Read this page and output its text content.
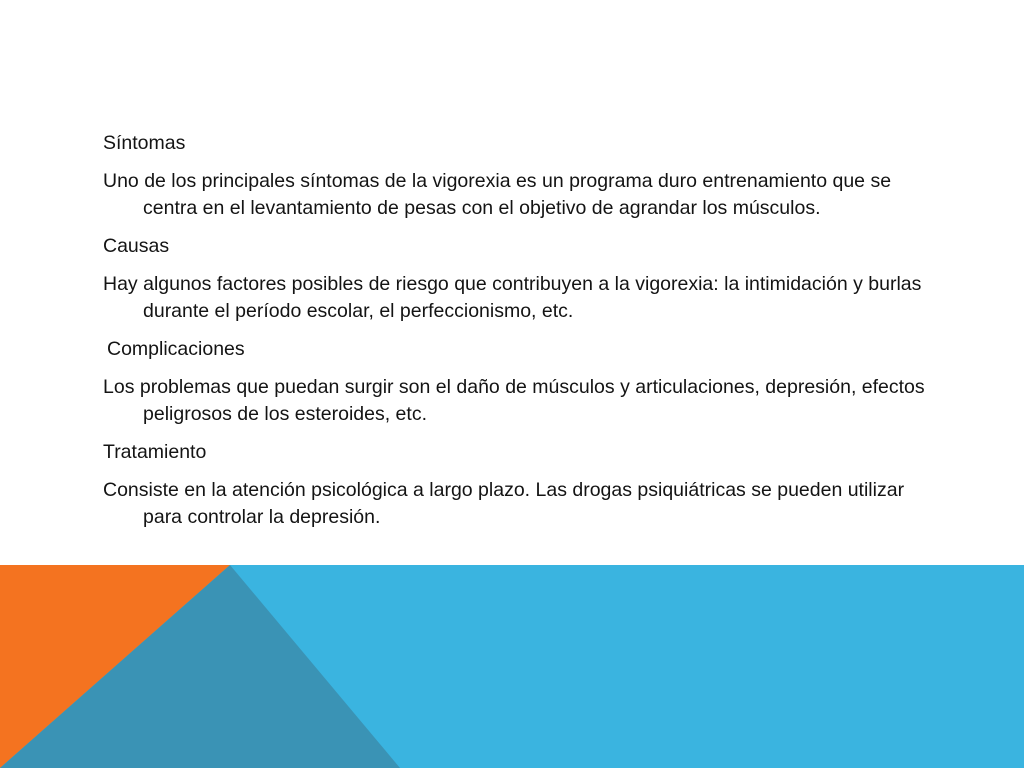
Síntomas

Uno de los principales síntomas de la vigorexia es un programa duro entrenamiento que se centra en el levantamiento de pesas con el objetivo de agrandar los músculos.

Causas

Hay algunos factores posibles de riesgo que contribuyen a la vigorexia: la intimidación y burlas durante el período escolar, el perfeccionismo, etc.

Complicaciones

Los problemas que puedan surgir son el daño de músculos y articulaciones, depresión, efectos peligrosos de los esteroides, etc.

Tratamiento

Consiste en la atención psicológica a largo plazo. Las drogas psiquiátricas se pueden utilizar para controlar la depresión.
